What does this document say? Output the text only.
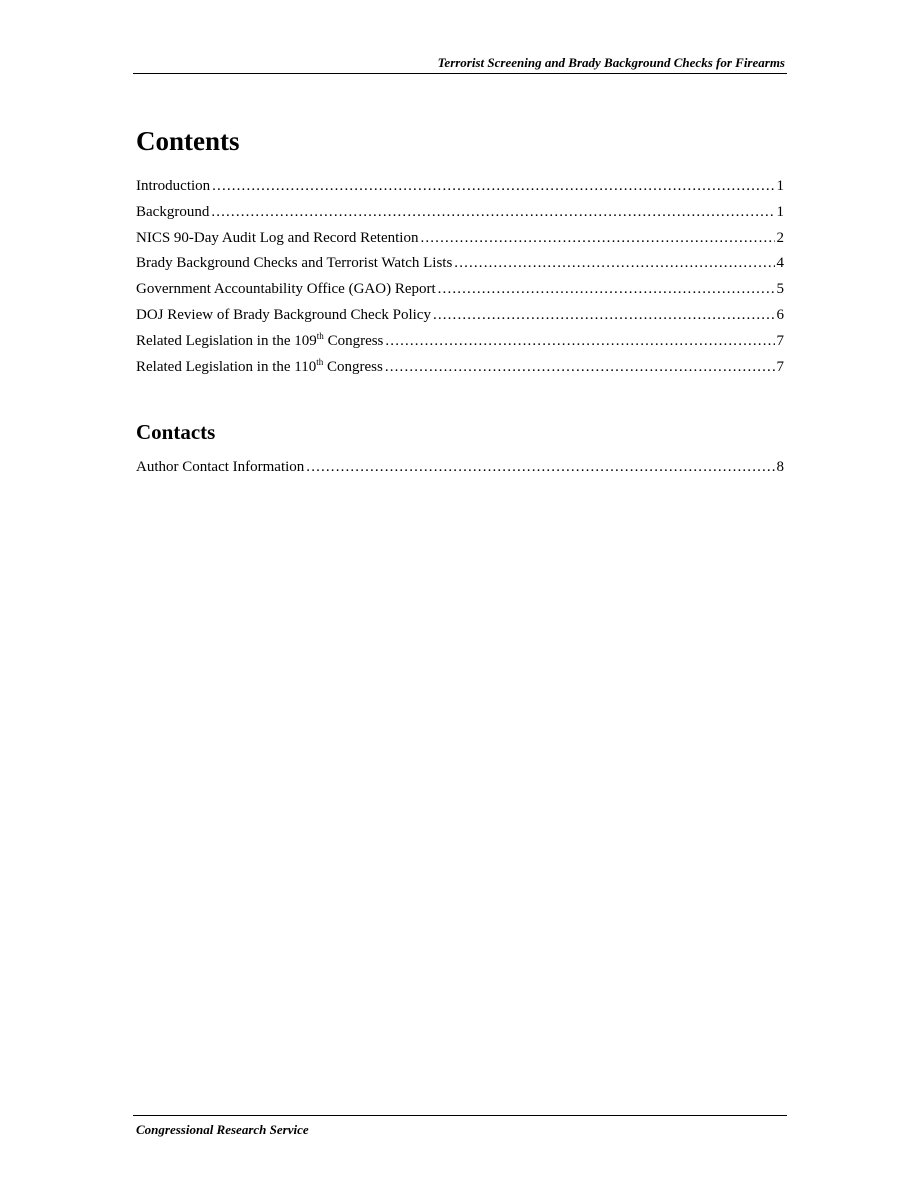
Terrorist Screening and Brady Background Checks for Firearms
Contents
Introduction . . .	1
Background . . .	1
NICS 90-Day Audit Log and Record Retention . . .	2
Brady Background Checks and Terrorist Watch Lists . . .	4
Government Accountability Office (GAO) Report . . .	5
DOJ Review of Brady Background Check Policy . . .	6
Related Legislation in the 109th Congress . . .	7
Related Legislation in the 110th Congress . . .	7
Contacts
Author Contact Information . . .	8
Congressional Research Service
